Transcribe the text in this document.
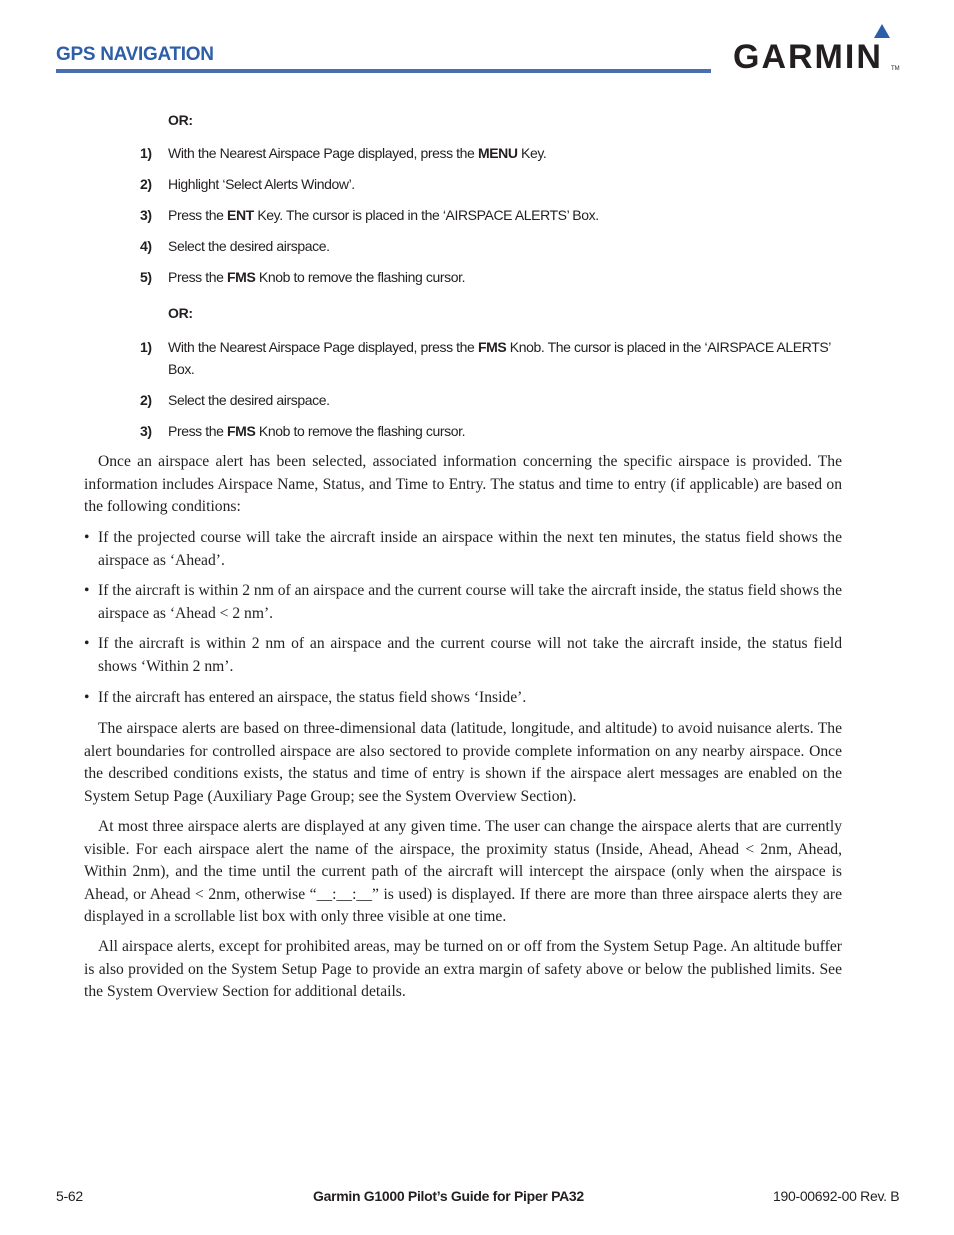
GPS NAVIGATION	GARMIN TM
OR:
1) With the Nearest Airspace Page displayed, press the MENU Key.
2) Highlight ‘Select Alerts Window’.
3) Press the ENT Key. The cursor is placed in the ‘AIRSPACE ALERTS’ Box.
4) Select the desired airspace.
5) Press the FMS Knob to remove the flashing cursor.
OR:
1) With the Nearest Airspace Page displayed, press the FMS Knob. The cursor is placed in the ‘AIRSPACE ALERTS’ Box.
2) Select the desired airspace.
3) Press the FMS Knob to remove the flashing cursor.

Once an airspace alert has been selected, associated information concerning the specific airspace is provided. The information includes Airspace Name, Status, and Time to Entry. The status and time to entry (if applicable) are based on the following conditions:

• If the projected course will take the aircraft inside an airspace within the next ten minutes, the status field shows the airspace as ‘Ahead’.
• If the aircraft is within 2 nm of an airspace and the current course will take the aircraft inside, the status field shows the airspace as ‘Ahead < 2 nm’.
• If the aircraft is within 2 nm of an airspace and the current course will not take the aircraft inside, the status field shows ‘Within 2 nm’.
• If the aircraft has entered an airspace, the status field shows ‘Inside’.

The airspace alerts are based on three-dimensional data (latitude, longitude, and altitude) to avoid nuisance alerts. The alert boundaries for controlled airspace are also sectored to provide complete information on any nearby airspace. Once the described conditions exists, the status and time of entry is shown if the airspace alert messages are enabled on the System Setup Page (Auxiliary Page Group; see the System Overview Section).

At most three airspace alerts are displayed at any given time. The user can change the airspace alerts that are currently visible. For each airspace alert the name of the airspace, the proximity status (Inside, Ahead, Ahead < 2nm, Ahead, Within 2nm), and the time until the current path of the aircraft will intercept the airspace (only when the airspace is Ahead, or Ahead < 2nm, otherwise “__:__:__” is used) is displayed. If there are more than three airspace alerts they are displayed in a scrollable list box with only three visible at one time.

All airspace alerts, except for prohibited areas, may be turned on or off from the System Setup Page. An altitude buffer is also provided on the System Setup Page to provide an extra margin of safety above or below the published limits. See the System Overview Section for additional details.

5-62	Garmin G1000 Pilot’s Guide for Piper PA32	190-00692-00 Rev. B
